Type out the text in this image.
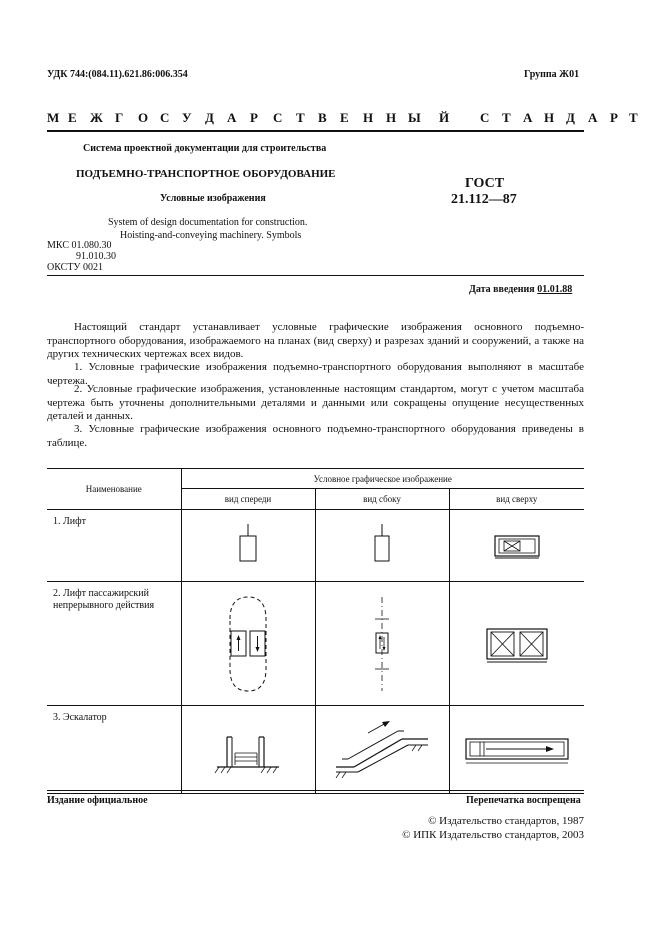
УДК 744:(084.11).621.86:006.354	Группа Ж01
М Е Ж Г О С У Д А Р С Т В Е Н Н Ы Й С Т А Н Д А Р Т
Система проектной документации для строительства
ПОДЪЕМНО-ТРАНСПОРТНОЕ ОБОРУДОВАНИЕ
Условные изображения
System of design documentation for construction.
Hoisting-and-conveying machinery. Symbols
ГОСТ
21.112—87
МКС 01.080.30
91.010.30
ОКСТУ 0021
Дата введения 01.01.88
Настоящий стандарт устанавливает условные графические изображения основного подъемно-транспортного оборудования, изображаемого на планах (вид сверху) и разрезах зданий и сооружений, а также на других технических чертежах всех видов.
1. Условные графические изображения подъемно-транспортного оборудования выполняют в масштабе чертежа.
2. Условные графические изображения, установленные настоящим стандартом, могут с учетом масштаба чертежа быть уточнены дополнительными деталями и данными или сокращены опущение несущественных деталей и данных.
3. Условные графические изображения основного подъемно-транспортного оборудования приведены в таблице.
Наименование	Условное графическое изображение		
	вид спереди	вид сбоку	вид сверху
1. Лифт	

2. Лифт пассажирский непрерывного действия	

3. Эскалатор	

Издание официальное	Перепечатка воспрещена
© Издательство стандартов, 1987
© ИПК Издательство стандартов, 2003
